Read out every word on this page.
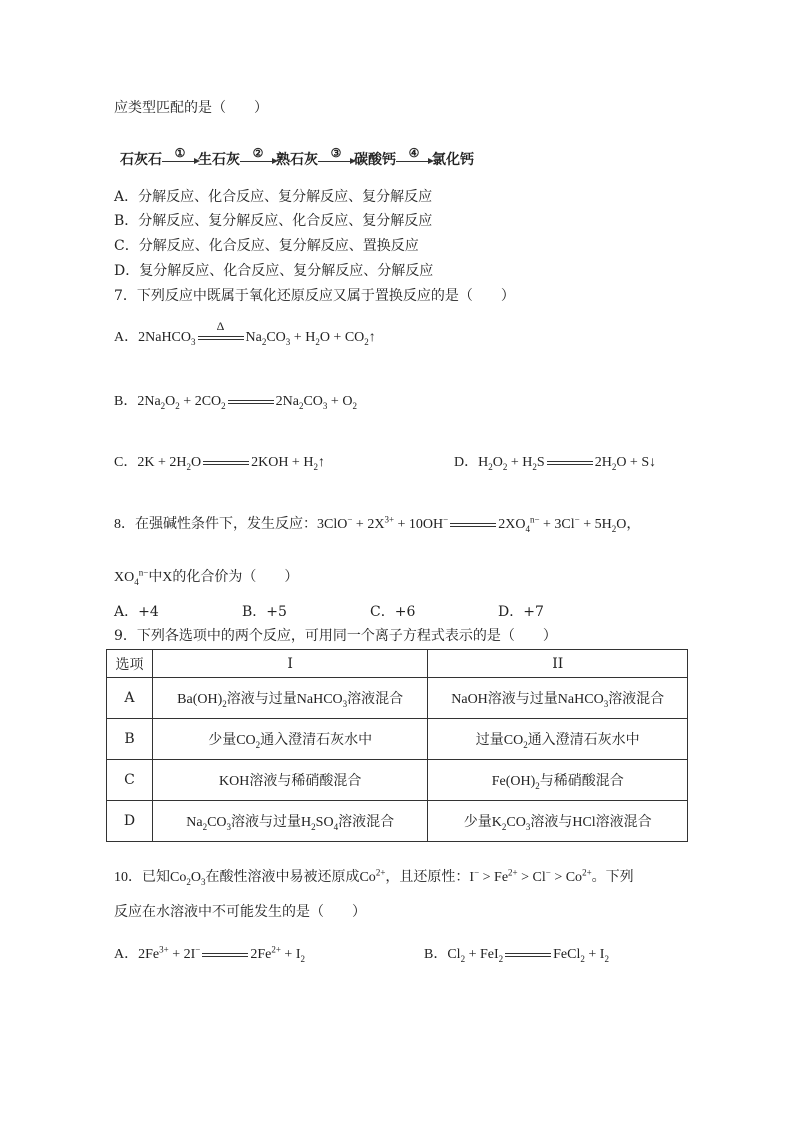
应类型匹配的是（　　）
石灰石	① 生石灰	② 熟石灰	③ 碳酸钙	④ 氯化钙
A．分解反应、化合反应、复分解反应、复分解反应
B．分解反应、复分解反应、化合反应、复分解反应
C．分解反应、化合反应、复分解反应、置换反应
D．复分解反应、化合反应、复分解反应、分解反应
7．下列反应中既属于氧化还原反应又属于置换反应的是（　　）
A．2NaHCO$_3$
Δ
$Na_2CO_3 + H_2O$ + $CO_2↑$
B．$2Na_2O_2 + 2CO_2$	$2Na_2CO_3 + O_2$
C．$2K + 2H_2O$	$2KOH + H_2↑$	D．$H_2O_2 + H_2S$	$2H_2O$ + S↓
8．在强碱性条件下，发生反应：$3ClO^- + 2X^{3+} + 10OH^-$	$2XO_4^{n-} + 3Cl^- + 5H_2O$，
$XO_4^{n-}$中X的化合价为（　　）
A．+4	B．+5	C．+6	D．+7
9．下列各选项中的两个反应，可用同一个离子方程式表示的是（　　）
选项	I	II
A	$Ba(OH)_2$溶液与过量NaHCO$_3$溶液混合	NaOH溶液与过量NaHCO$_3$溶液混合
B	少量$CO_2$通入澄清石灰水中	过量$CO_2$通入澄清石灰水中
C	KOH溶液与稀硝酸混合	$Fe(OH)_2$与稀硝酸混合
D	$Na_2CO_3$溶液与过量$H_2SO_4$溶液混合	少量$K_2CO_3$溶液与HCl溶液混合
10．已知$Co_2O_3$在酸性溶液中易被还原成$Co^{2+}$，且还原性：$I^- > Fe^{2+} > Cl^- > Co^{2+}$。下列
反应在水溶液中不可能发生的是（　　）
A．$2Fe^{3+} + 2I^-$	$2Fe^{2+} + I_2$	B．$Cl_2 + FeI_2$	FeCl$_2$ + $I_2$
